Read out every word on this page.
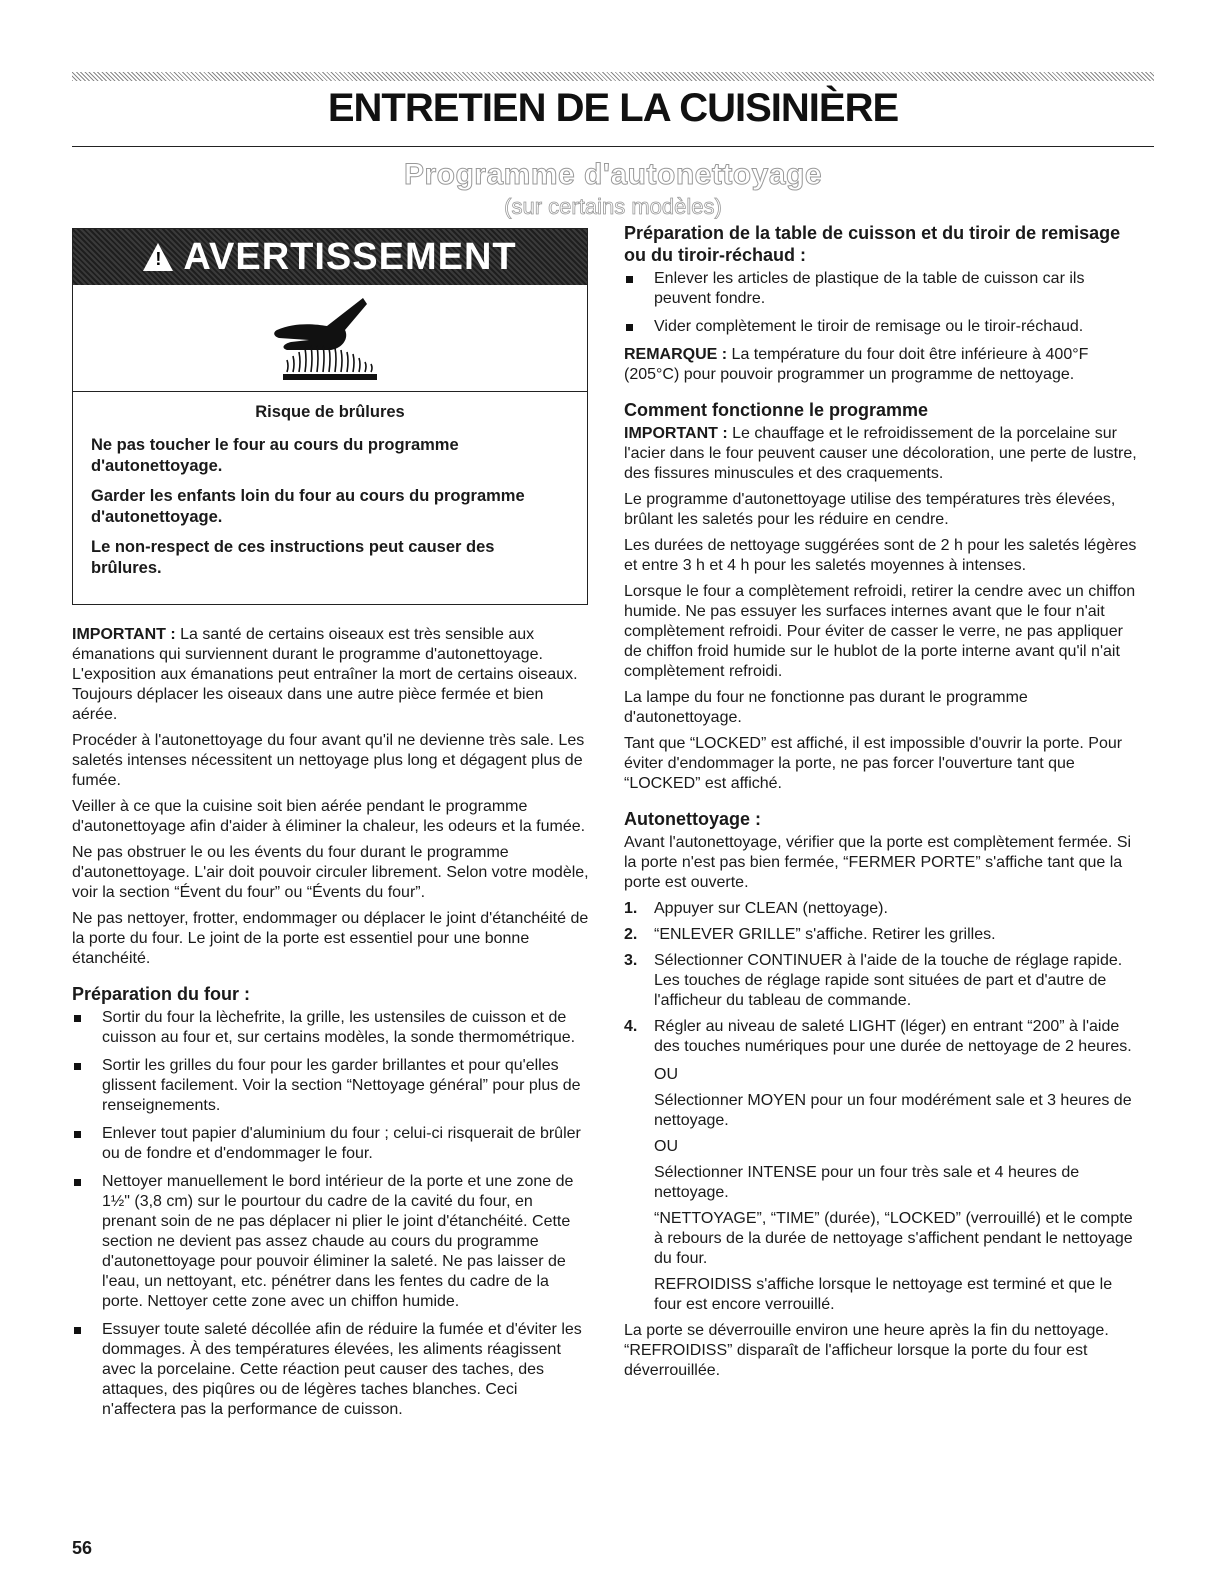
ENTRETIEN DE LA CUISINIÈRE
Programme d'autonettoyage
(sur certains modèles)
! AVERTISSEMENT
Risque de brûlures

Ne pas toucher le four au cours du programme d'autonettoyage.

Garder les enfants loin du four au cours du programme d'autonettoyage.

Le non-respect de ces instructions peut causer des brûlures.

IMPORTANT : La santé de certains oiseaux est très sensible aux émanations qui surviennent durant le programme d'autonettoyage. L'exposition aux émanations peut entraîner la mort de certains oiseaux. Toujours déplacer les oiseaux dans une autre pièce fermée et bien aérée.

Procéder à l'autonettoyage du four avant qu'il ne devienne très sale. Les saletés intenses nécessitent un nettoyage plus long et dégagent plus de fumée.

Veiller à ce que la cuisine soit bien aérée pendant le programme d'autonettoyage afin d'aider à éliminer la chaleur, les odeurs et la fumée.

Ne pas obstruer le ou les évents du four durant le programme d'autonettoyage. L'air doit pouvoir circuler librement. Selon votre modèle, voir la section “Évent du four” ou “Évents du four”.

Ne pas nettoyer, frotter, endommager ou déplacer le joint d'étanchéité de la porte du four. Le joint de la porte est essentiel pour une bonne étanchéité.

Préparation du four :
Sortir du four la lèchefrite, la grille, les ustensiles de cuisson et de cuisson au four et, sur certains modèles, la sonde thermométrique.
Sortir les grilles du four pour les garder brillantes et pour qu'elles glissent facilement. Voir la section “Nettoyage général” pour plus de renseignements.
Enlever tout papier d'aluminium du four ; celui-ci risquerait de brûler ou de fondre et d'endommager le four.
Nettoyer manuellement le bord intérieur de la porte et une zone de 1½" (3,8 cm) sur le pourtour du cadre de la cavité du four, en prenant soin de ne pas déplacer ni plier le joint d'étanchéité. Cette section ne devient pas assez chaude au cours du programme d'autonettoyage pour pouvoir éliminer la saleté. Ne pas laisser de l'eau, un nettoyant, etc. pénétrer dans les fentes du cadre de la porte. Nettoyer cette zone avec un chiffon humide.
Essuyer toute saleté décollée afin de réduire la fumée et d'éviter les dommages. À des températures élevées, les aliments réagissent avec la porcelaine. Cette réaction peut causer des taches, des attaques, des piqûres ou de légères taches blanches. Ceci n'affectera pas la performance de cuisson.
Préparation de la table de cuisson et du tiroir de remisage ou du tiroir-réchaud :
Enlever les articles de plastique de la table de cuisson car ils peuvent fondre.
Vider complètement le tiroir de remisage ou le tiroir-réchaud.

REMARQUE : La température du four doit être inférieure à 400°F (205°C) pour pouvoir programmer un programme de nettoyage.

Comment fonctionne le programme

IMPORTANT : Le chauffage et le refroidissement de la porcelaine sur l'acier dans le four peuvent causer une décoloration, une perte de lustre, des fissures minuscules et des craquements.

Le programme d'autonettoyage utilise des températures très élevées, brûlant les saletés pour les réduire en cendre.

Les durées de nettoyage suggérées sont de 2 h pour les saletés légères et entre 3 h et 4 h pour les saletés moyennes à intenses.

Lorsque le four a complètement refroidi, retirer la cendre avec un chiffon humide. Ne pas essuyer les surfaces internes avant que le four n'ait complètement refroidi. Pour éviter de casser le verre, ne pas appliquer de chiffon froid humide sur le hublot de la porte interne avant qu'il n'ait complètement refroidi.

La lampe du four ne fonctionne pas durant le programme d'autonettoyage.

Tant que “LOCKED” est affiché, il est impossible d'ouvrir la porte. Pour éviter d'endommager la porte, ne pas forcer l'ouverture tant que “LOCKED” est affiché.

Autonettoyage :

Avant l'autonettoyage, vérifier que la porte est complètement fermée. Si la porte n'est pas bien fermée, “FERMER PORTE” s'affiche tant que la porte est ouverte.

1. Appuyer sur CLEAN (nettoyage).
2. “ENLEVER GRILLE” s'affiche. Retirer les grilles.
3. Sélectionner CONTINUER à l'aide de la touche de réglage rapide. Les touches de réglage rapide sont situées de part et d'autre de l'afficheur du tableau de commande.
4. Régler au niveau de saleté LIGHT (léger) en entrant “200” à l'aide des touches numériques pour une durée de nettoyage de 2 heures.
OU
Sélectionner MOYEN pour un four modérément sale et 3 heures de nettoyage.
OU
Sélectionner INTENSE pour un four très sale et 4 heures de nettoyage.
“NETTOYAGE”, “TIME” (durée), “LOCKED” (verrouillé) et le compte à rebours de la durée de nettoyage s'affichent pendant le nettoyage du four.
REFROIDISS s'affiche lorsque le nettoyage est terminé et que le four est encore verrouillé.

La porte se déverrouille environ une heure après la fin du nettoyage. “REFROIDISS” disparaît de l'afficheur lorsque la porte du four est déverrouillée.

56
